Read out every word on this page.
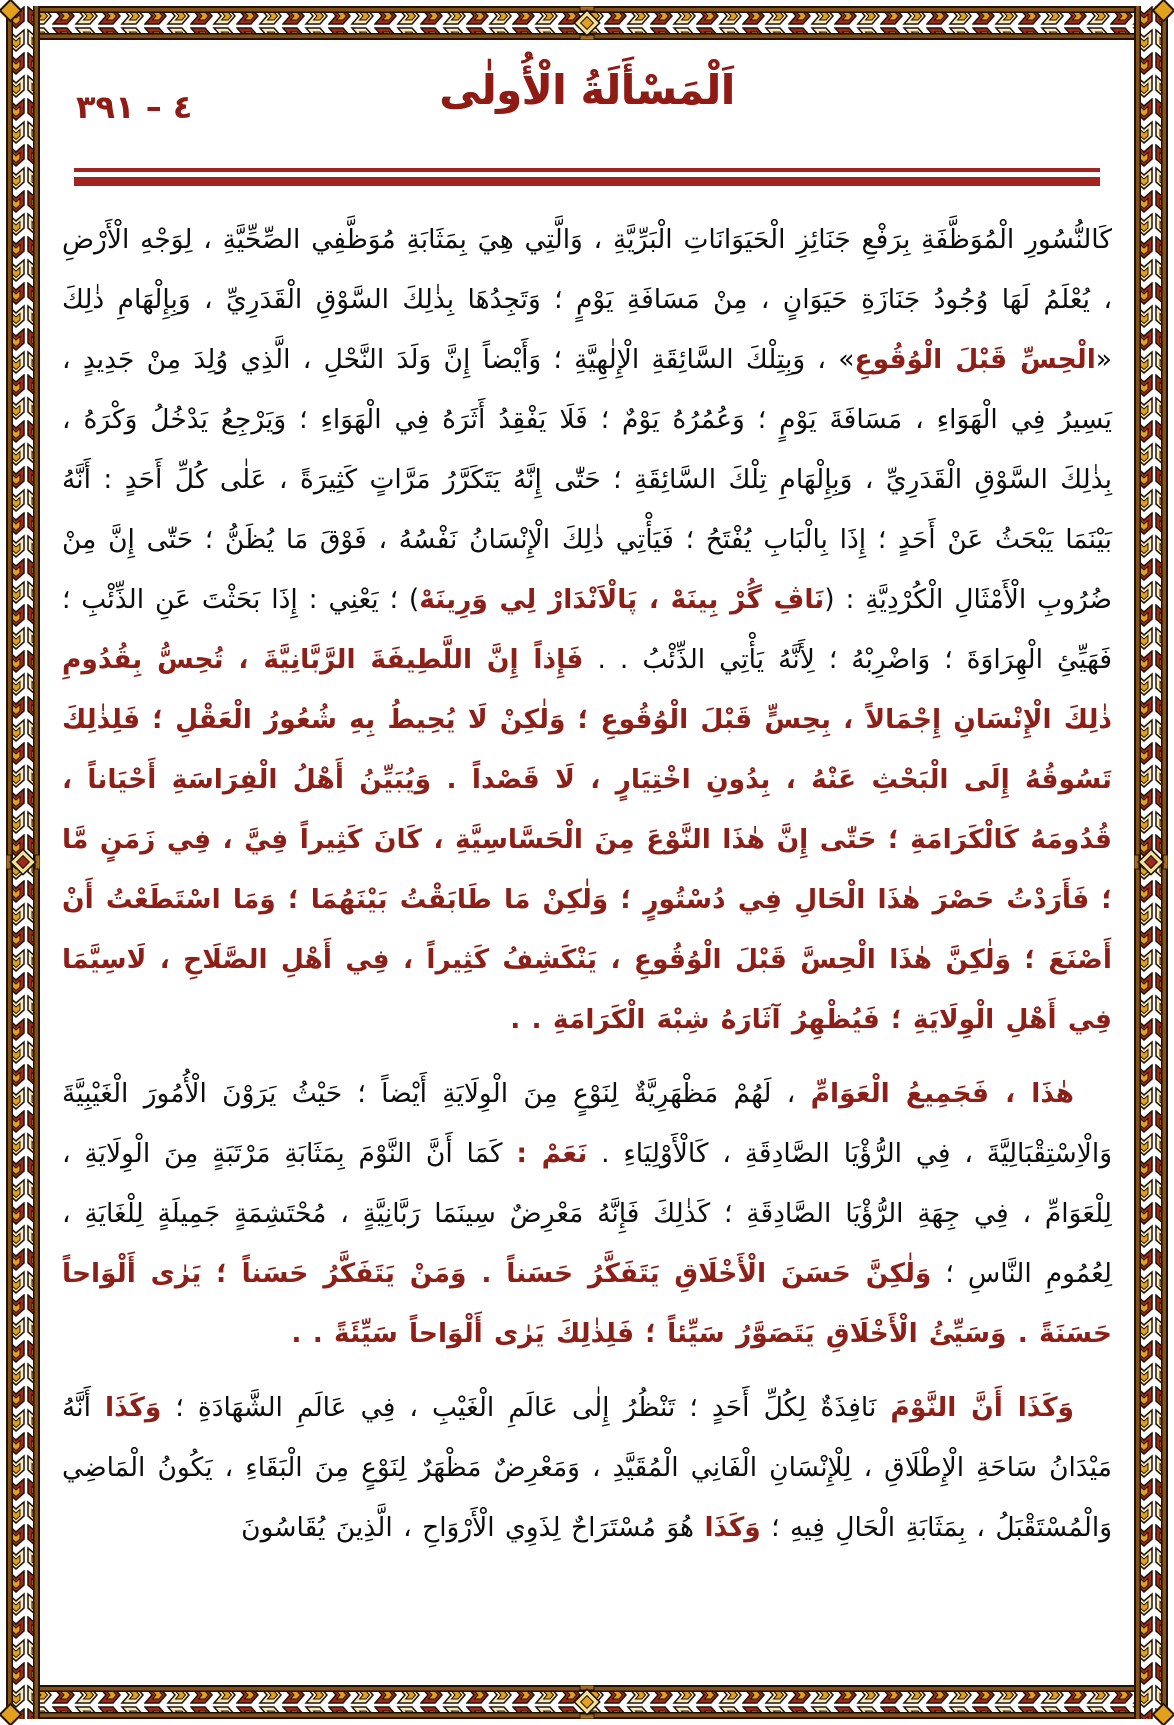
٣٩١ – ٤	اَلْمَسْأَلَةُ الْأُولٰى

كَالنُّسُورِ الْمُوَظَّفَةِ بِرَفْعِ جَنَائِزِ الْحَيَوَانَاتِ الْبَرِّيَّةِ ، وَالَّتِي هِيَ بِمَثَابَةِ مُوَظَّفِي الصِّحِّيَّةِ ، لِوَجْهِ الْأَرْضِ ، يُعْلَمُ لَهَا وُجُودُ جَنَازَةِ حَيَوَانٍ ، مِنْ مَسَافَةِ يَوْمٍ ؛ وَتَجِدُهَا بِذٰلِكَ السَّوْقِ الْقَدَرِيِّ ، وَبِإِلْهَامِ ذٰلِكَ «الْحِسِّ قَبْلَ الْوُقُوعِ» ، وَبِتِلْكَ السَّائِقَةِ الْإِلٰهِيَّةِ ؛ وَأَيْضاً إِنَّ وَلَدَ النَّحْلِ ، الَّذِي وُلِدَ مِنْ جَدِيدٍ ، يَسِيرُ فِي الْهَوَاءِ ، مَسَافَةَ يَوْمٍ ؛ وَعُمُرُهُ يَوْمٌ ؛ فَلَا يَفْقِدُ أَثَرَهُ فِي الْهَوَاءِ ؛ وَيَرْجِعُ يَدْخُلُ وَكْرَهُ ، بِذٰلِكَ السَّوْقِ الْقَدَرِيِّ ، وَبِإِلْهَامِ تِلْكَ السَّائِقَةِ ؛ حَتّٰى إِنَّهُ يَتَكَرَّرُ مَرَّاتٍ كَثِيرَةً ، عَلٰى كُلِّ أَحَدٍ : أَنَّهُ بَيْنَمَا يَبْحَثُ عَنْ أَحَدٍ ؛ إِذَا بِالْبَابِ يُفْتَحُ ؛ فَيَأْتِي ذٰلِكَ الْإِنْسَانُ نَفْسُهُ ، فَوْقَ مَا يُظَنُّ ؛ حَتّٰى إِنَّ مِنْ ضُرُوبِ الْأَمْثَالِ الْكُرْدِيَّةِ : (نَاڤِ گُرْ بِينَهْ ، پَالْاَنْدَارْ لِي وَرِينَهْ) ؛ يَعْنِي : إِذَا بَحَثْتَ عَنِ الذِّئْبِ ؛ فَهَيِّئِ الْهِرَاوَةَ ؛ وَاضْرِبْهُ ؛ لِأَنَّهُ يَأْتِي الذِّئْبُ . . فَإِذاً إِنَّ اللَّطِيفَةَ الرَّبَّانِيَّةَ ، تُحِسُّ بِقُدُومِ ذٰلِكَ الْإِنْسَانِ إِجْمَالاً ، بِحِسٍّ قَبْلَ الْوُقُوعِ ؛ وَلٰكِنْ لَا يُحِيطُ بِهِ شُعُورُ الْعَقْلِ ؛ فَلِذٰلِكَ تَسُوقُهُ إِلَى الْبَحْثِ عَنْهُ ، بِدُونِ اخْتِيَارٍ ، لَا قَصْداً . وَيُبَيِّنُ أَهْلُ الْفِرَاسَةِ أَحْيَاناً ، قُدُومَهُ كَالْكَرَامَةِ ؛ حَتّٰى إِنَّ هٰذَا النَّوْعَ مِنَ الْحَسَّاسِيَّةِ ، كَانَ كَثِيراً فِيَّ ، فِي زَمَنٍ مَّا ؛ فَأَرَدْتُ حَصْرَ هٰذَا الْحَالِ فِي دُسْتُورٍ ؛ وَلٰكِنْ مَا طَابَقْتُ بَيْنَهُمَا ؛ وَمَا اسْتَطَعْتُ أَنْ أَصْنَعَ ؛ وَلٰكِنَّ هٰذَا الْحِسَّ قَبْلَ الْوُقُوعِ ، يَنْكَشِفُ كَثِيراً ، فِي أَهْلِ الصَّلَاحِ ، لَاسِيَّمَا فِي أَهْلِ الْوِلَايَةِ ؛ فَيُظْهِرُ آثَارَهُ شِبْهَ الْكَرَامَةِ . .

هٰذَا ، فَجَمِيعُ الْعَوَامِّ ، لَهُمْ مَظْهَرِيَّةٌ لِنَوْعٍ مِنَ الْوِلَايَةِ أَيْضاً ؛ حَيْثُ يَرَوْنَ الْأُمُورَ الْغَيْبِيَّةَ وَالْاِسْتِقْبَالِيَّةَ ، فِي الرُّؤْيَا الصَّادِقَةِ ، كَالْأَوْلِيَاءِ . نَعَمْ : كَمَا أَنَّ النَّوْمَ بِمَثَابَةِ مَرْتَبَةٍ مِنَ الْوِلَايَةِ ، لِلْعَوَامِّ ، فِي جِهَةِ الرُّؤْيَا الصَّادِقَةِ ؛ كَذٰلِكَ فَإِنَّهُ مَعْرِضٌ سِينَمَا رَبَّانِيَّةٍ ، مُحْتَشِمَةٍ جَمِيلَةٍ لِلْغَايَةِ ، لِعُمُومِ النَّاسِ ؛ وَلٰكِنَّ حَسَنَ الْأَخْلَاقِ يَتَفَكَّرُ حَسَناً . وَمَنْ يَتَفَكَّرُ حَسَناً ؛ يَرٰى أَلْوَاحاً حَسَنَةً . وَسَيِّئُ الْأَخْلَاقِ يَتَصَوَّرُ سَيِّئاً ؛ فَلِذٰلِكَ يَرٰى أَلْوَاحاً سَيِّئَةً . .

وَكَذَا أَنَّ النَّوْمَ نَافِذَةٌ لِكُلِّ أَحَدٍ ؛ تَنْظُرُ إِلٰى عَالَمِ الْغَيْبِ ، فِي عَالَمِ الشَّهَادَةِ ؛ وَكَذَا أَنَّهُ مَيْدَانُ سَاحَةِ الْإِطْلَاقِ ، لِلْإِنْسَانِ الْفَانِي الْمُقَيَّدِ ، وَمَعْرِضٌ مَظْهَرٌ لِنَوْعٍ مِنَ الْبَقَاءِ ، يَكُونُ الْمَاضِي وَالْمُسْتَقْبَلُ ، بِمَثَابَةِ الْحَالِ فِيهِ ؛ وَكَذَا هُوَ مُسْتَرَاحٌ لِذَوِي الْأَرْوَاحِ ، الَّذِينَ يُقَاسُونَ
